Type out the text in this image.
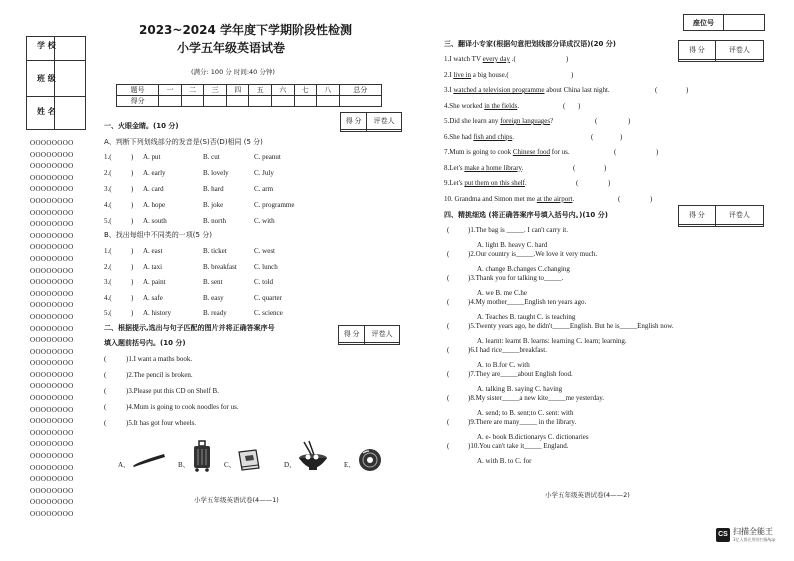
学 校
班 级
姓 名
OOOOOOOO
OOOOOOOO
OOOOOOOO
OOOOOOOO
OOOOOOOO
OOOOOOOO
OOOOOOOO
OOOOOOOO
OOOOOOOO
OOOOOOOO
OOOOOOOO
OOOOOOOO
OOOOOOOO
OOOOOOOO
OOOOOOOO
OOOOOOOO
OOOOOOOO
OOOOOOOO
OOOOOOOO
OOOOOOOO
OOOOOOOO
OOOOOOOO
OOOOOOOO
OOOOOOOO
OOOOOOOO
OOOOOOOO
OOOOOOOO
OOOOOOOO
OOOOOOOO
OOOOOOOO
OOOOOOOO
OOOOOOOO
OOOOOOOO
2023~2024 学年度下学期阶段性检测
小学五年级英语试卷
(满分: 100 分 时间:40 分钟)
题号	一	二	三	四	五	六	七	八	总分
得分									
得 分	评卷人

一、火眼金睛。(10 分)
A、判断下列划线部分的发音是(S)否(D)相同 (5 分)
1.(	) A. put	B. cut	C. peanut
2.(	) A. early	B. lovely	C. July
3.(	) A. card	B. hard	C. arm
4.(	) A. hope	B. joke	C. programme
5.(	) A. south	B. north	C. with
B、找出每组中不同类的一项(5 分)
1.(	) A. east	B. ticket	C. west
2.(	) A. taxi	B. breakfast C. lunch
3.(	) A. paint	B. sent	C. told
4.(	) A. safe	B. easy	C. quarter
5.(	) A. history	B. ready	C. science
得 分	评卷人

二、根据提示,选出与句子匹配的图片并将正确答案序号
填入题前括号内。(10 分)
(	)1.I want a maths book.
(	)2.The pencil is broken.
(	)3.Please put this CD on Shelf B.
(	)4.Mum is going to cook noodles for us.
(	)5.It has got four wheels.
A、	B、	C、	D、	E、
小学五年级英语试卷(4——1)
座位号	
三、翻译小专家(根据句意把划线部分译成汉语)(20 分)
得 分	评卷人

1.I watch TV every day .(	)
2.I live in a big house.(	)
3.I watched a television programme about China last night.	(	)
4.She worked in the fields.	( )
5.Did she learn any foreign languages?	(	)
6.She had fish and chips.	(	)
7.Mum is going to cook Chinese food for us.	(	)
8.Let's make a home library.	(	)
9.Let's put them on this shelf.	(	)
10. Grandma and Simon met me at the airport.	(	)
四、精挑细选 (将正确答案序号填入括号内。)(10 分)	得 分	评卷人

(	)1.The bag is _____. I can't carry it.
A. light B. heavy C. hard
(	)2.Our country is_____.We love it very much.
A. change B.changes C.changing
(	)3.Thank you for talking to_____.
A. we B. me C.he
(	)4.My mother_____English ten years ago.
A. Teaches B. taught C. is teaching
(	)5.Twenty years ago, he didn't_____English. But he is_____English now.
A. learnt: learnt B. learns: learning C. learn; learning.
(	)6.I had rice_____breakfast.
A. to B.for C. with
(	)7.They are_____about English food.
A. talking B. saying C. having
(	)8.My sister_____a new kite_____me yesterday.
A. send; to B. sent;to C. sent: with
(	)9.There are many_____ in the library.
A. e- book B.dictionarys C. dictionaries
(	)10.You can't take it_____ England.
A. with B. to C. for
小学五年级英语试卷(4——2)
CS 扫描全能王
3亿人都在用的扫描App
